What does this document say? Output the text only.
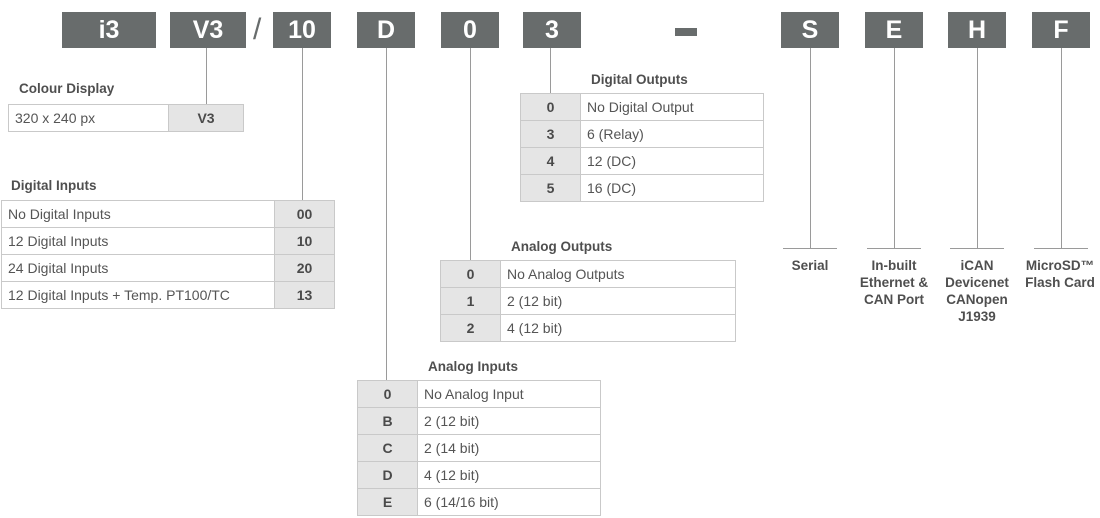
i3	V3 /	10	D	0	3	S	E	H	F
Colour Display
320 x 240 px	V3
Digital Inputs
No Digital Inputs	00
12 Digital Inputs	10
24 Digital Inputs	20
12 Digital Inputs + Temp. PT100/TC	13
Digital Outputs
0	No Digital Output
3	6 (Relay)
4	12 (DC)
5	16 (DC)
Analog Outputs
0	No Analog Outputs
1	2 (12 bit)
2	4 (12 bit)
Analog Inputs
0	No Analog Input
B	2 (12 bit)
C	2 (14 bit)
D	4 (12 bit)
E	6 (14/16 bit)
Serial	In-built
Ethernet &
CAN Port
iCAN
Devicenet
CANopen
J1939
MicroSD™
Flash Card
